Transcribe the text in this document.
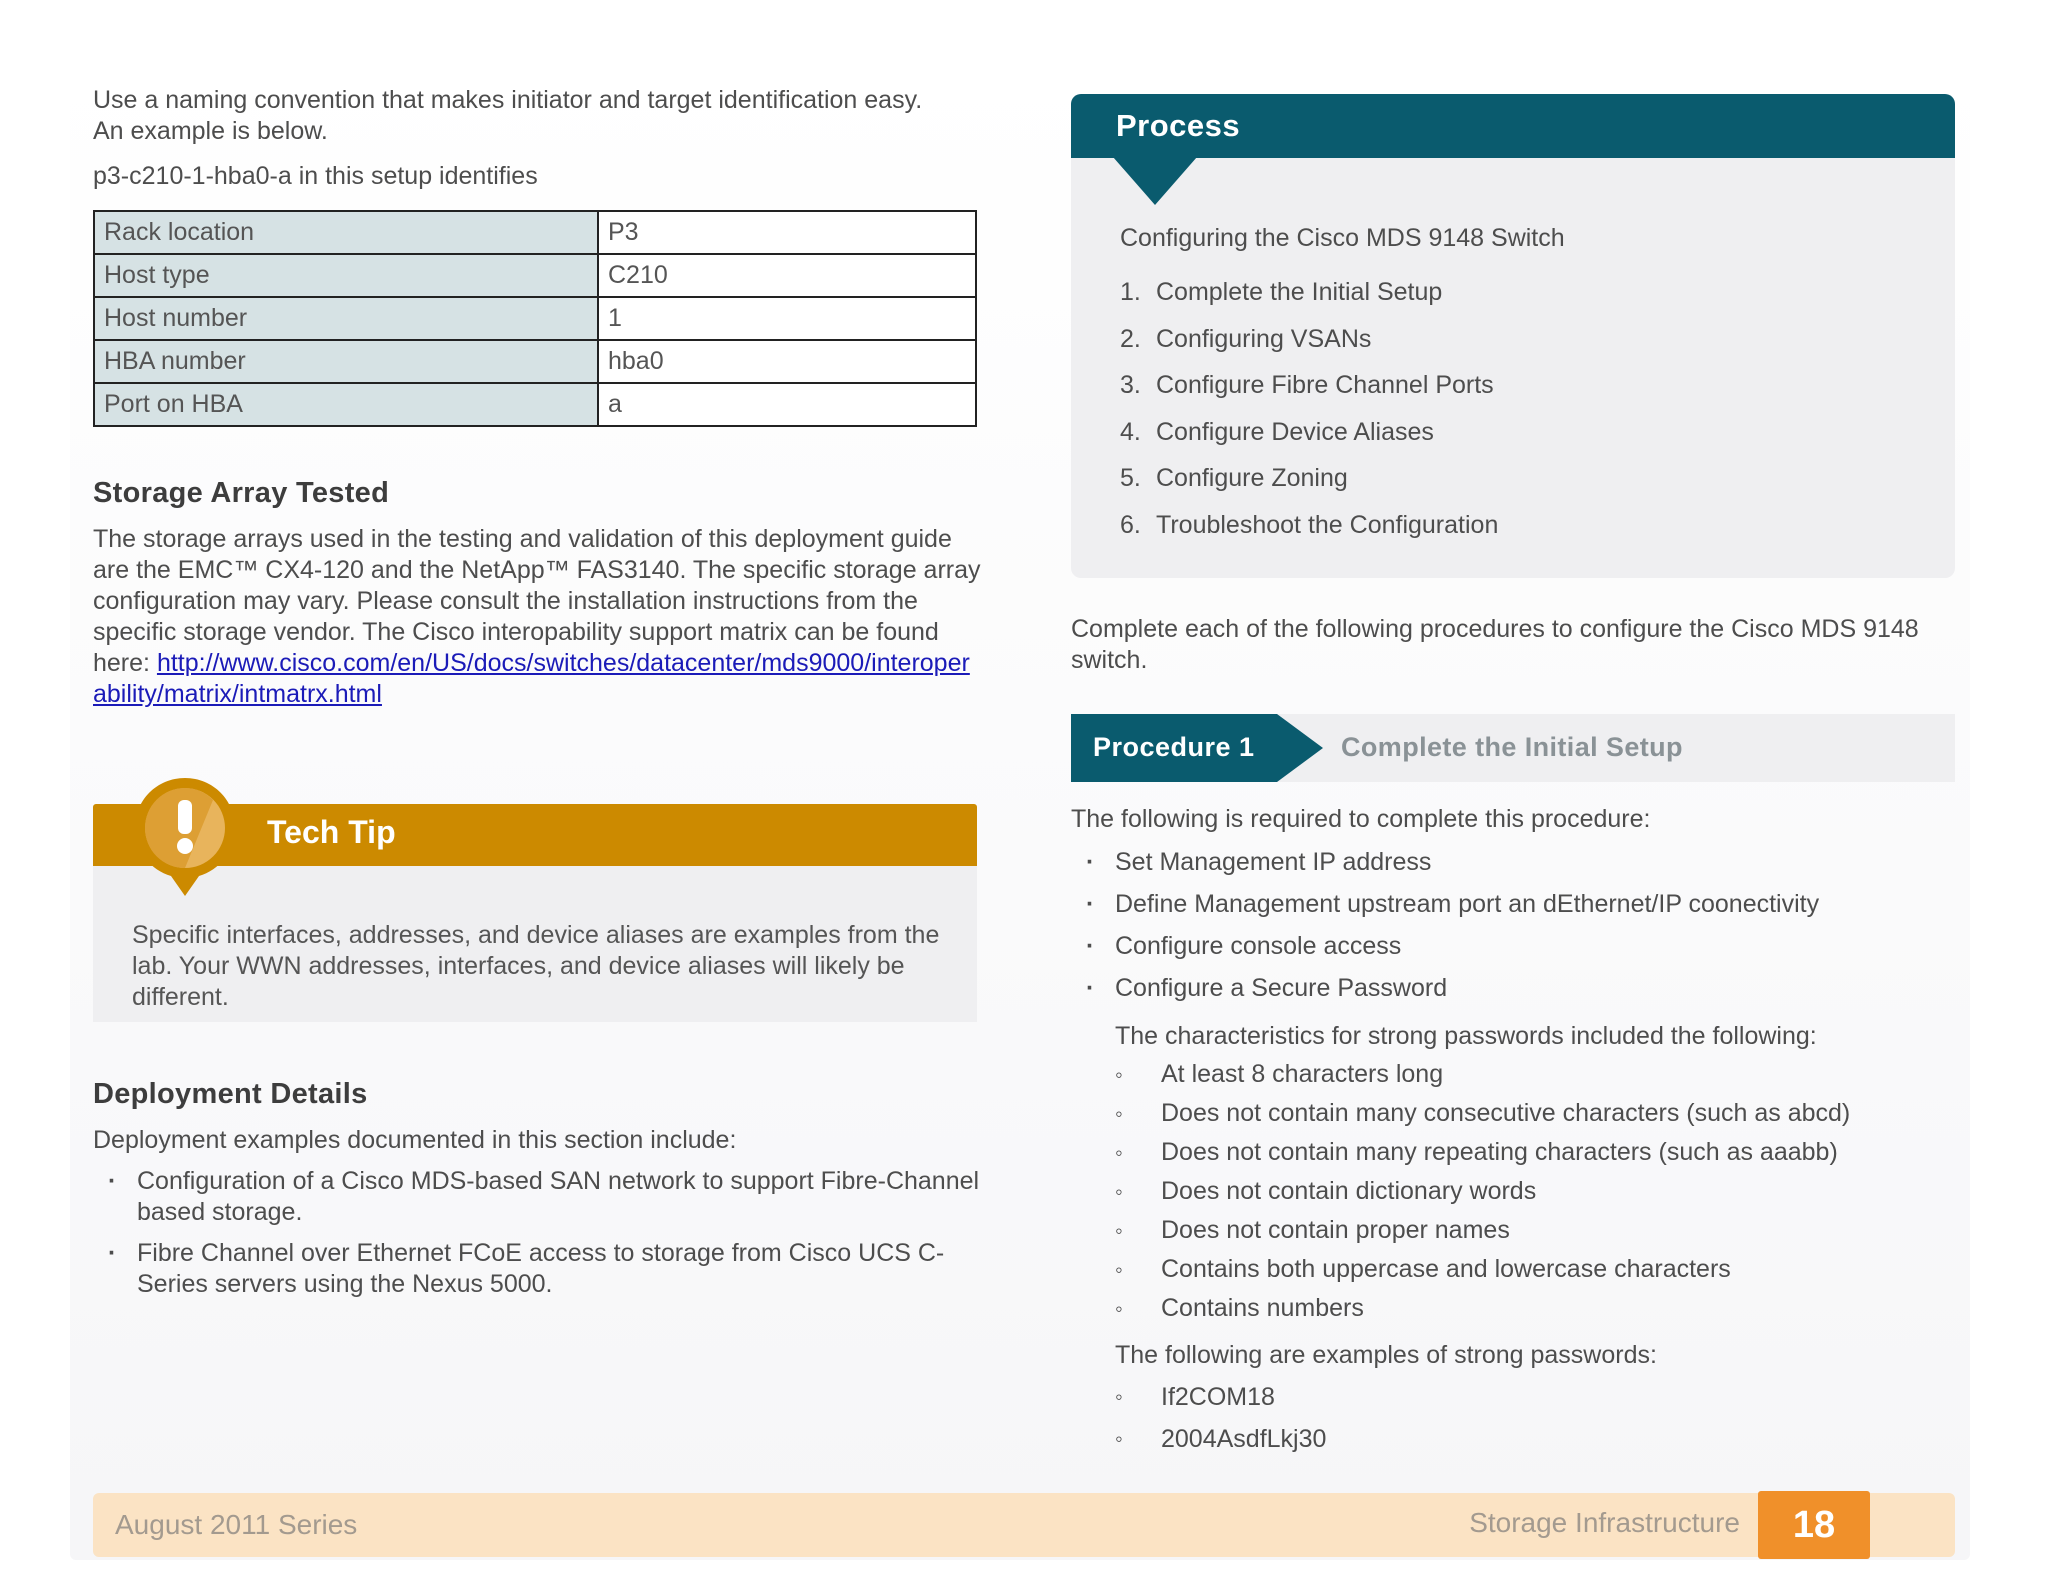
Use a naming convention that makes initiator and target identification easy.

An example is below.

p3-c210-1-hba0-a in this setup identifies

Rack location	P3
Host type	C210
Host number	1
HBA number	hba0
Port on HBA	a
Storage Array Tested

The storage arrays used in the testing and validation of this deployment guide are the EMC™ CX4-120 and the NetApp™ FAS3140. The specific storage array configuration may vary. Please consult the installation instructions from the specific storage vendor. The Cisco interopability support matrix can be found here: http://www.cisco.com/en/US/docs/switches/datacenter/mds9000/interoperability/matrix/intmatrx.html

Tech Tip

Specific interfaces, addresses, and device aliases are examples from the lab. Your WWN addresses, interfaces, and device aliases will likely be different.

Deployment Details

Deployment examples documented in this section include:

· Configuration of a Cisco MDS-based SAN network to support Fibre-Channel based storage.
· Fibre Channel over Ethernet FCoE access to storage from Cisco UCS C-Series servers using the Nexus 5000.
Process
Configuring the Cisco MDS 9148 Switch
1. Complete the Initial Setup
2. Configuring VSANs
3. Configure Fibre Channel Ports
4. Configure Device Aliases
5. Configure Zoning
6. Troubleshoot the Configuration

Complete each of the following procedures to configure the Cisco MDS 9148 switch.

Procedure 1	Complete the Initial Setup

The following is required to complete this procedure:

· Set Management IP address
· Define Management upstream port an dEthernet/IP coonectivity
· Configure console access
· Configure a Secure Password

The characteristics for strong passwords included the following:

◦ At least 8 characters long
◦ Does not contain many consecutive characters (such as abcd)
◦ Does not contain many repeating characters (such as aaabb)
◦ Does not contain dictionary words
◦ Does not contain proper names
◦ Contains both uppercase and lowercase characters
◦ Contains numbers

The following are examples of strong passwords:

◦ If2COM18
◦ 2004AsdfLkj30
August 2011 Series	Storage Infrastructure	18
